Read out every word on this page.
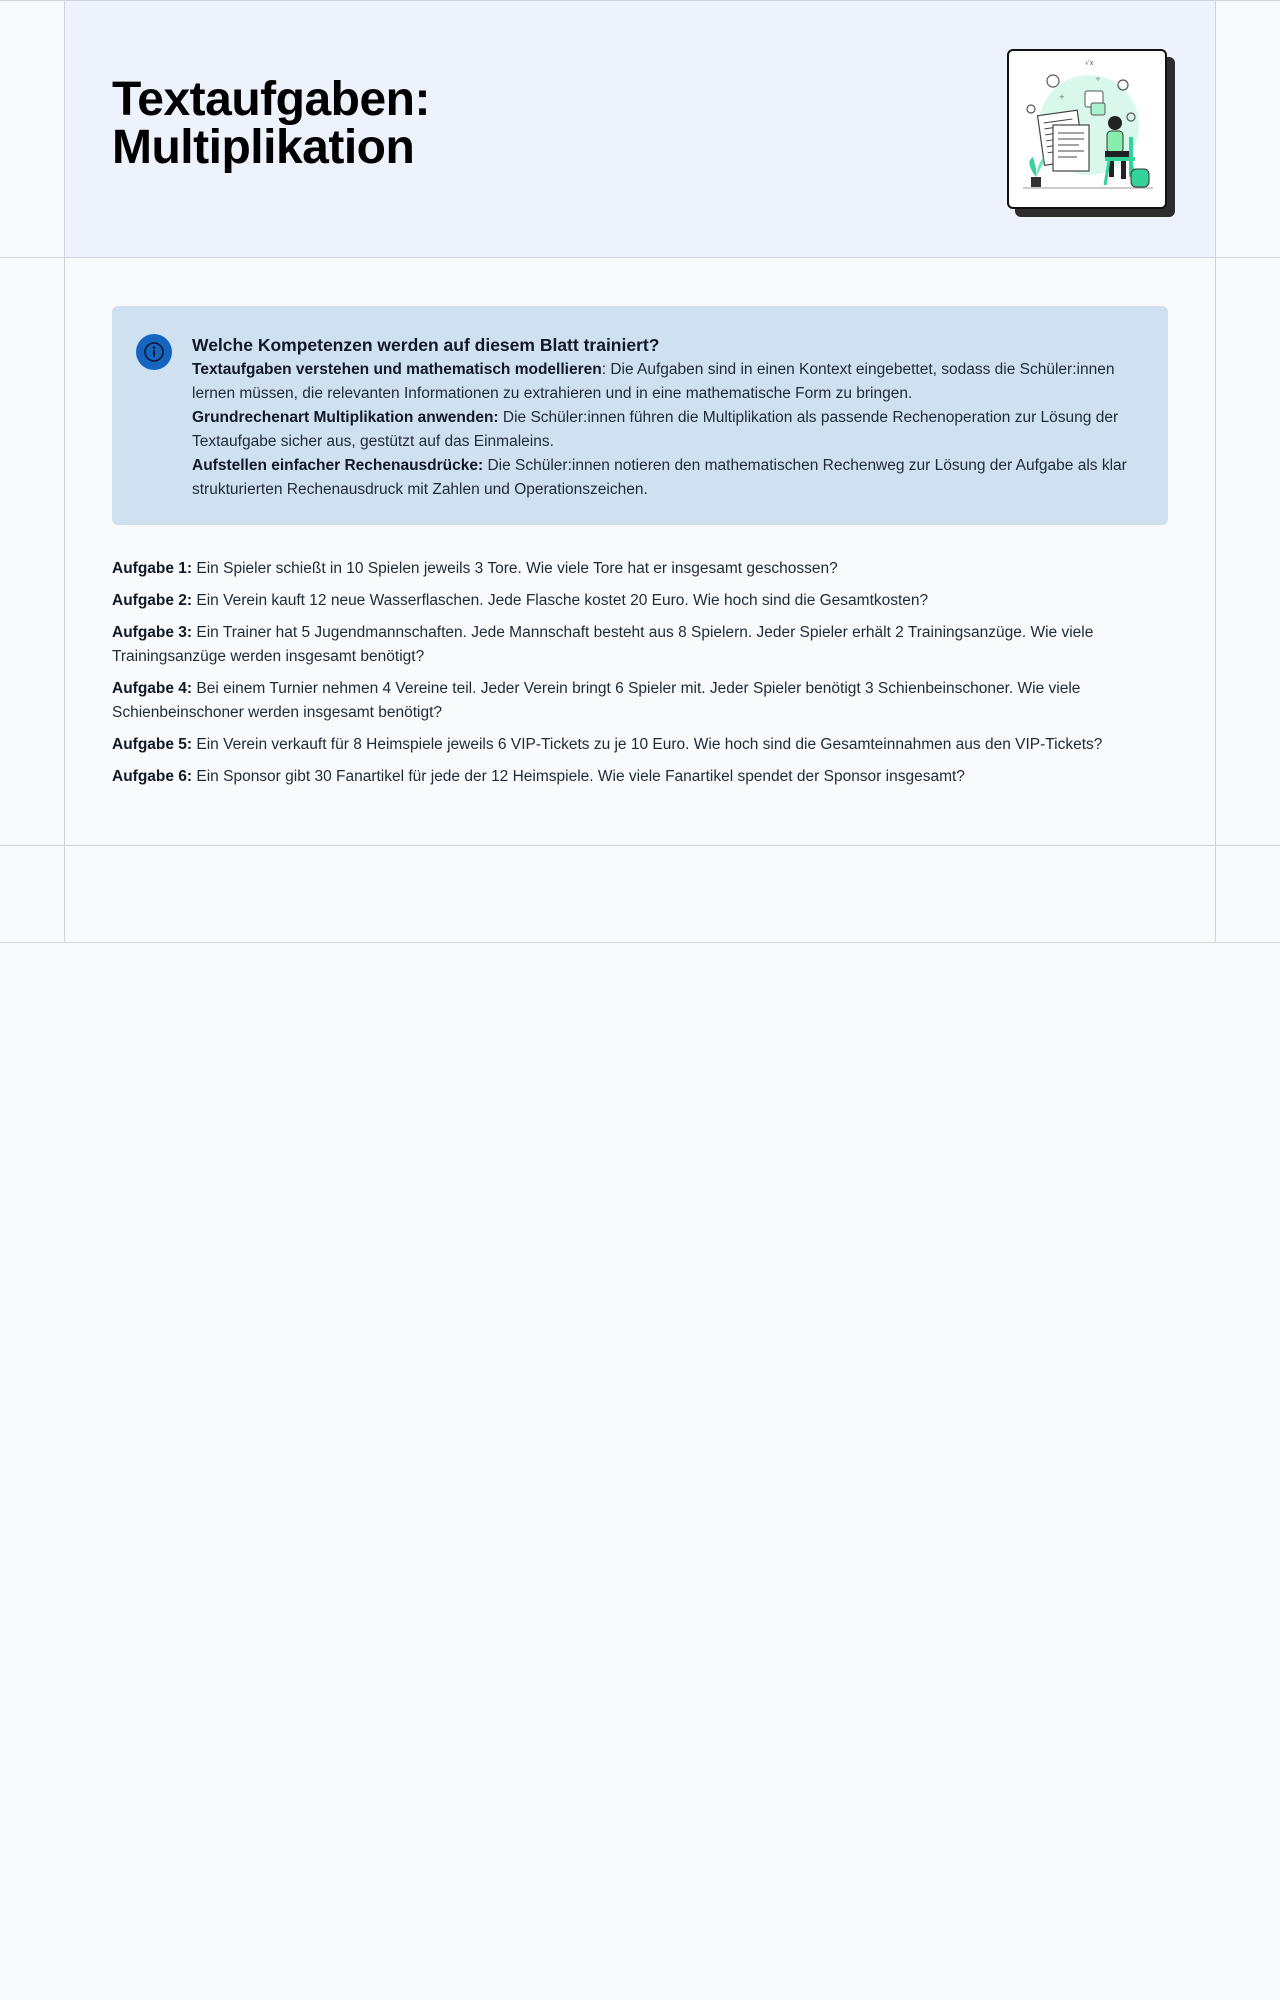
Textaufgaben:
Multiplikation
√x
÷
+
Welche Kompetenzen werden auf diesem Blatt trainiert?
Textaufgaben verstehen und mathematisch modellieren: Die Aufgaben sind in einen Kontext eingebettet, sodass die Schüler:innen lernen müssen, die relevanten Informationen zu extrahieren und in eine mathematische Form zu bringen.
Grundrechenart Multiplikation anwenden: Die Schüler:innen führen die Multiplikation als passende Rechenoperation zur Lösung der Textaufgabe sicher aus, gestützt auf das Einmaleins.
Aufstellen einfacher Rechenausdrücke: Die Schüler:innen notieren den mathematischen Rechenweg zur Lösung der Aufgabe als klar strukturierten Rechenausdruck mit Zahlen und Operationszeichen.

Aufgabe 1: Ein Spieler schießt in 10 Spielen jeweils 3 Tore. Wie viele Tore hat er insgesamt geschossen?

Aufgabe 2: Ein Verein kauft 12 neue Wasserflaschen. Jede Flasche kostet 20 Euro. Wie hoch sind die Gesamtkosten?

Aufgabe 3: Ein Trainer hat 5 Jugendmannschaften. Jede Mannschaft besteht aus 8 Spielern. Jeder Spieler erhält 2 Trainingsanzüge. Wie viele Trainingsanzüge werden insgesamt benötigt?

Aufgabe 4: Bei einem Turnier nehmen 4 Vereine teil. Jeder Verein bringt 6 Spieler mit. Jeder Spieler benötigt 3 Schienbeinschoner. Wie viele Schienbeinschoner werden insgesamt benötigt?

Aufgabe 5: Ein Verein verkauft für 8 Heimspiele jeweils 6 VIP-Tickets zu je 10 Euro. Wie hoch sind die Gesamteinnahmen aus den VIP-Tickets?

Aufgabe 6: Ein Sponsor gibt 30 Fanartikel für jede der 12 Heimspiele. Wie viele Fanartikel spendet der Sponsor insgesamt?
